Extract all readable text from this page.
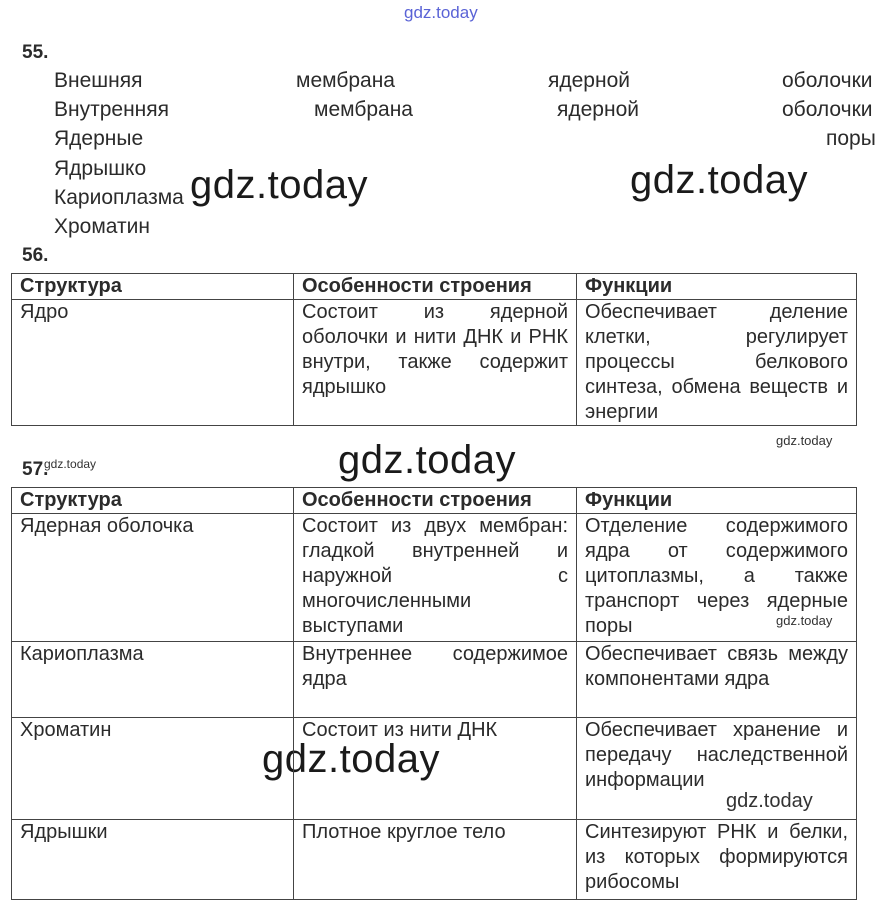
gdz.today
gdz.today	gdz.today
gdz.today
gdz.today
55.
Внешняя	мембрана	ядерной	оболочки
Внутренняя	мембрана	ядерной	оболочки
Ядерные	поры
Ядрышко
Кариоплазма
Хроматин
56.
Структура	Особенности строения	Функции
Ядро	Состоит из ядерной оболочки и нити ДНК и РНК внутри, также содержит ядрышко	Обеспечивает деление клетки, регулирует процессы белкового синтеза, обмена веществ и энергии
gdz.today
57.
gdz.today
Структура	Особенности строения	Функции
Ядерная оболочка	Состоит из двух мембран: гладкой внутренней и наружной с многочисленными выступами	Отделение содержимого ядра от содержимого цитоплазмы, а также транспорт через ядерные поры
Кариоплазма	Внутреннее содержимое ядра	Обеспечивает связь между компонентами ядра
Хроматин	Состоит из нити ДНК	Обеспечивает хранение и передачу наследственной информации
Ядрышки	Плотное круглое тело	Синтезируют РНК и белки, из которых формируются рибосомы
gdz.today
gdz.today
